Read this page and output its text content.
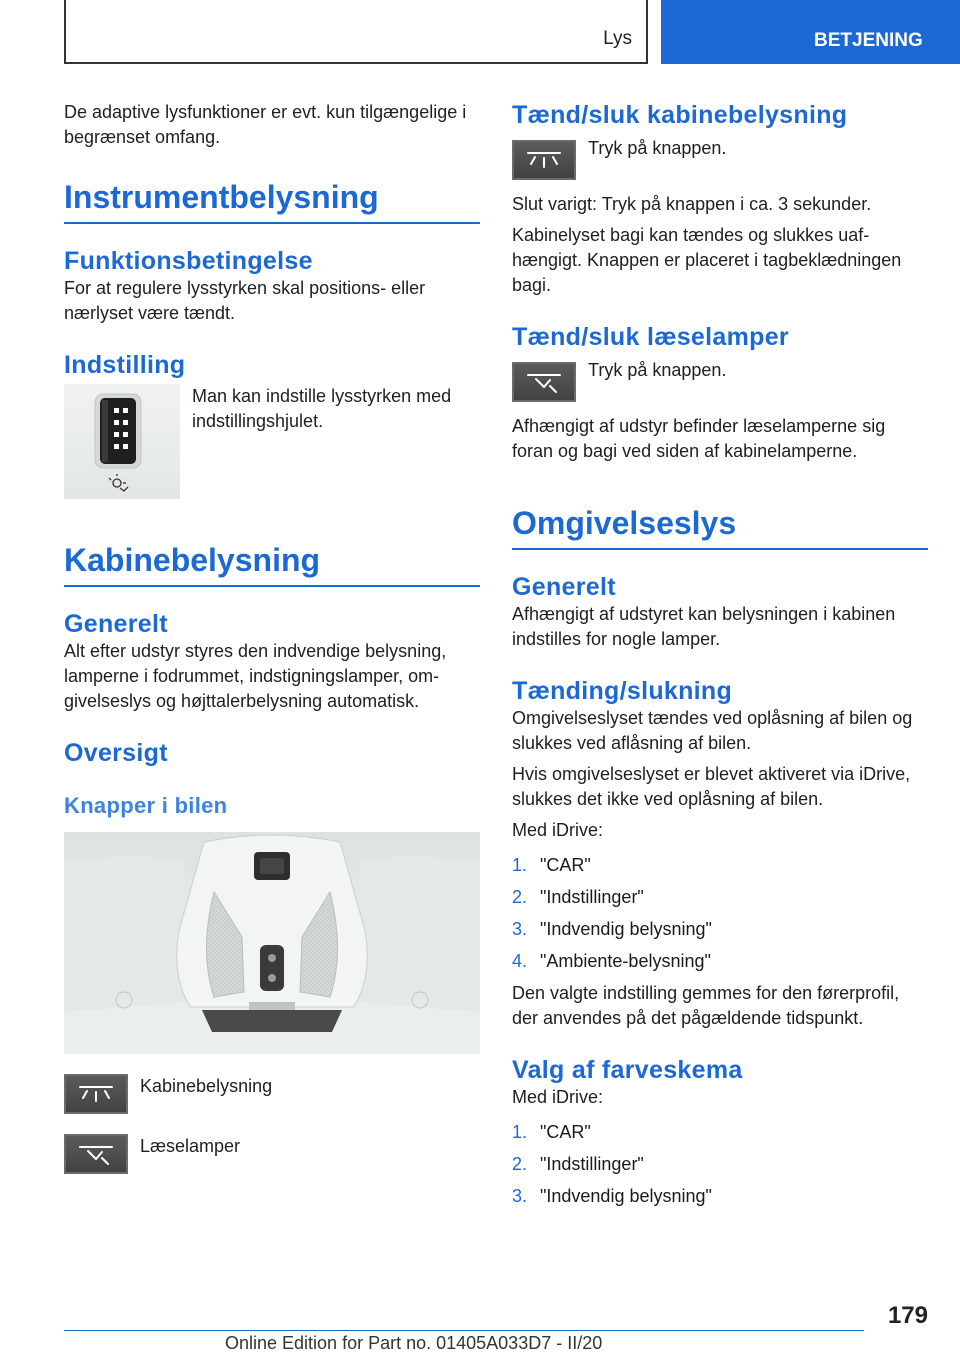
Lys	BETJENING

De adaptive lysfunktioner er evt. kun tilgængelige i begrænset omfang.

Instrumentbelysning
Funktionsbetingelse

For at regulere lysstyrken skal positions- eller nærlyset være tændt.

Indstilling

Man kan indstille lysstyrken med indstillingshjulet.

Kabinebelysning
Generelt

Alt efter udstyr styres den indvendige belysning, lamperne i fodrummet, indstigningslamper, omgivelseslys og højttalerbelysning automatisk.

Oversigt
Knapper i bilen

Kabinebelysning

Læselamper

Tænd/sluk kabinebelysning

Tryk på knappen.

Slut varigt: Tryk på knappen i ca. 3 sekunder.

Kabinelyset bagi kan tændes og slukkes uafhængigt. Knappen er placeret i tagbeklædningen bagi.

Tænd/sluk læselamper

Tryk på knappen.

Afhængigt af udstyr befinder læselamperne sig foran og bagi ved siden af kabinelamperne.

Omgivelseslys
Generelt

Afhængigt af udstyret kan belysningen i kabinen indstilles for nogle lamper.

Tænding/slukning

Omgivelseslyset tændes ved oplåsning af bilen og slukkes ved aflåsning af bilen.

Hvis omgivelseslyset er blevet aktiveret via iDrive, slukkes det ikke ved oplåsning af bilen.

Med iDrive:

1. "CAR"
2. "Indstillinger"
3. "Indvendig belysning"
4. "Ambiente-belysning"

Den valgte indstilling gemmes for den førerprofil, der anvendes på det pågældende tidspunkt.

Valg af farveskema

Med iDrive:

1. "CAR"
2. "Indstillinger"
3. "Indvendig belysning"
179
Online Edition for Part no. 01405A033D7 - II/20
